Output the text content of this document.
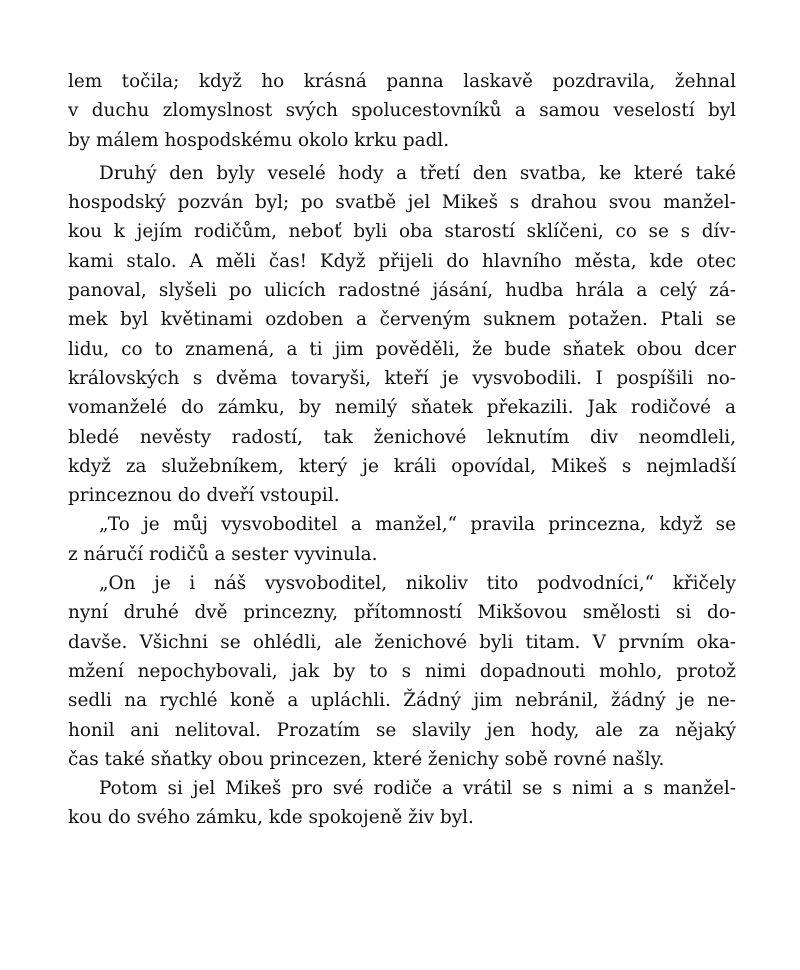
lem točila; když ho krásná panna laskavě pozdravila, žehnal
v duchu zlomyslnost svých spolucestovníků a samou veselostí byl
by málem hospodskému okolo krku padl.
Druhý den byly veselé hody a třetí den svatba, ke které také
hospodský pozván byl; po svatbě jel Mikeš s drahou svou manžel-
kou k jejím rodičům, neboť byli oba starostí sklíčeni, co se s dív-
kami stalo. A měli čas! Když přijeli do hlavního města, kde otec
panoval, slyšeli po ulicích radostné jásání, hudba hrála a celý zá-
mek byl květinami ozdoben a červeným suknem potažen. Ptali se
lidu, co to znamená, a ti jim pověděli, že bude sňatek obou dcer
královských s dvěma tovaryši, kteří je vysvobodili. I pospíšili no-
vomanželé do zámku, by nemilý sňatek překazili. Jak rodičové a
bledé nevěsty radostí, tak ženichové leknutím div neomdleli,
když za služebníkem, který je králi opovídal, Mikeš s nejmladší
princeznou do dveří vstoupil.
„To je můj vysvoboditel a manžel,“ pravila princezna, když se
z náručí rodičů a sester vyvinula.
„On je i náš vysvoboditel, nikoliv tito podvodníci,“ křičely
nyní druhé dvě princezny, přítomností Mikšovou smělosti si do-
davše. Všichni se ohlédli, ale ženichové byli titam. V prvním oka-
mžení nepochybovali, jak by to s nimi dopadnouti mohlo, protož
sedli na rychlé koně a upláchli. Žádný jim nebránil, žádný je ne-
honil ani nelitoval. Prozatím se slavily jen hody, ale za nějaký
čas také sňatky obou princezen, které ženichy sobě rovné našly.
Potom si jel Mikeš pro své rodiče a vrátil se s nimi a s manžel-
kou do svého zámku, kde spokojeně živ byl.
